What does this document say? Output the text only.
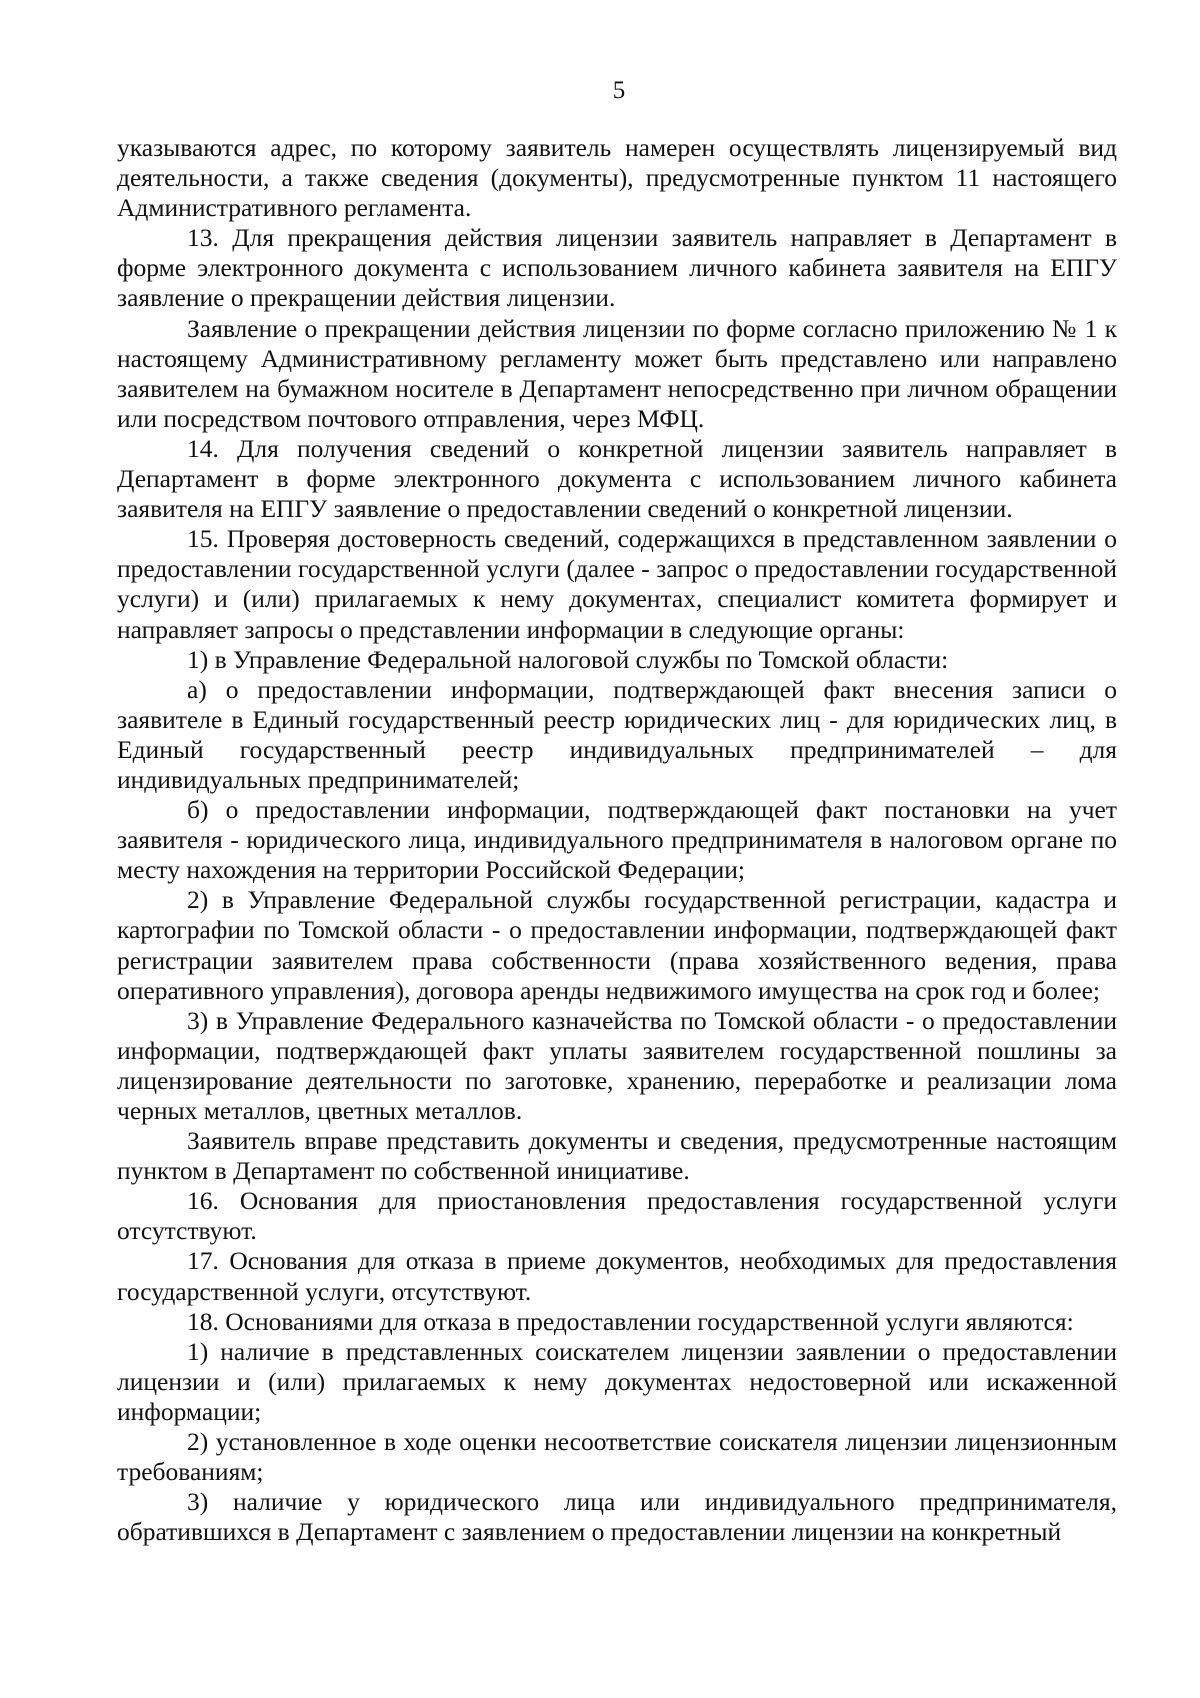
5

указываются адрес, по которому заявитель намерен осуществлять лицензируемый вид деятельности, а также сведения (документы), предусмотренные пунктом 11 настоящего Административного регламента.

13. Для прекращения действия лицензии заявитель направляет в Департамент в форме электронного документа с использованием личного кабинета заявителя на ЕПГУ заявление о прекращении действия лицензии.

Заявление о прекращении действия лицензии по форме согласно приложению № 1 к настоящему Административному регламенту может быть представлено или направлено заявителем на бумажном носителе в Департамент непосредственно при личном обращении или посредством почтового отправления, через МФЦ.

14. Для получения сведений о конкретной лицензии заявитель направляет в Департамент в форме электронного документа с использованием личного кабинета заявителя на ЕПГУ заявление о предоставлении сведений о конкретной лицензии.

15. Проверяя достоверность сведений, содержащихся в представленном заявлении о предоставлении государственной услуги (далее - запрос о предоставлении государственной услуги) и (или) прилагаемых к нему документах, специалист комитета формирует и направляет запросы о представлении информации в следующие органы:

1) в Управление Федеральной налоговой службы по Томской области:

а) о предоставлении информации, подтверждающей факт внесения записи о заявителе в Единый государственный реестр юридических лиц - для юридических лиц, в Единый государственный реестр индивидуальных предпринимателей – для индивидуальных предпринимателей;

б) о предоставлении информации, подтверждающей факт постановки на учет заявителя - юридического лица, индивидуального предпринимателя в налоговом органе по месту нахождения на территории Российской Федерации;

2) в Управление Федеральной службы государственной регистрации, кадастра и картографии по Томской области - о предоставлении информации, подтверждающей факт регистрации заявителем права собственности (права хозяйственного ведения, права оперативного управления), договора аренды недвижимого имущества на срок год и более;

3) в Управление Федерального казначейства по Томской области - о предоставлении информации, подтверждающей факт уплаты заявителем государственной пошлины за лицензирование деятельности по заготовке, хранению, переработке и реализации лома черных металлов, цветных металлов.

Заявитель вправе представить документы и сведения, предусмотренные настоящим пунктом в Департамент по собственной инициативе.

16. Основания для приостановления предоставления государственной услуги отсутствуют.

17. Основания для отказа в приеме документов, необходимых для предоставления государственной услуги, отсутствуют.

18. Основаниями для отказа в предоставлении государственной услуги являются:

1) наличие в представленных соискателем лицензии заявлении о предоставлении лицензии и (или) прилагаемых к нему документах недостоверной или искаженной информации;

2) установленное в ходе оценки несоответствие соискателя лицензии лицензионным требованиям;

3) наличие у юридического лица или индивидуального предпринимателя, обратившихся в Департамент с заявлением о предоставлении лицензии на конкретный
